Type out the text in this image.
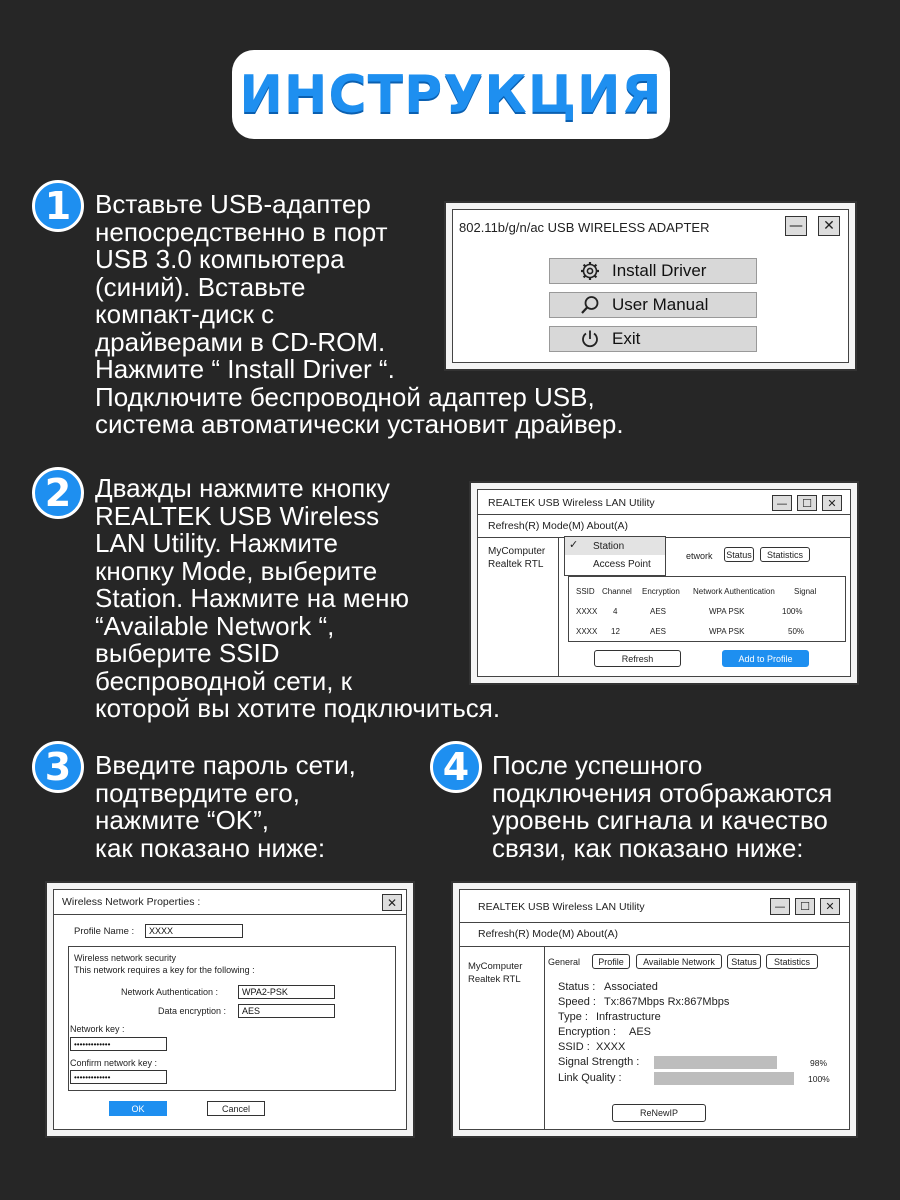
ИНСТРУКЦИЯ
1 Вставьте USB-адаптер
непосредственно в порт
USB 3.0 компьютера
(синий). Вставьте
компакт-диск с
драйверами в CD-ROM.
Нажмите “ Install Driver “.
Подключите беспроводной адаптер USB,
система автоматически установит драйвер.
802.11b/g/n/ac USB WIRELESS ADAPTER	— ✕
Install Driver
User Manual
Exit
2 Дважды нажмите кнопку
REALTEK USB Wireless
LAN Utility. Нажмите
кнопку Mode, выберите
Station. Нажмите на меню
“Available Network “,
выберите SSID
беспроводной сети, к
которой вы хотите подключиться.
REALTEK USB Wireless LAN Utility	— ☐ ✕
Refresh(R) Mode(M) About(A)
MyComputer
Realtek RTL
etwork Status	Statistics
SSID Channel Encryption Network Authentication Signal
XXXX 4	AES	WPA PSK	100%
XXXX 12	AES	WPA PSK	50%
Refresh	Add to Profile
✓ Station
Access Point
3 Введите пароль сети,
подтвердите его,
нажмите “OK”,
как показано ниже:
4 После успешного
подключения отображаются
уровень сигнала и качество
связи, как показано ниже:
Wireless Network Properties :	✕
Profile Name :	XXXX
Wireless network security
This network requires a key for the following :
Network Authentication :	WPA2-PSK
Data encryption :	AES
Network key :
•••••••••••••
Confirm network key :
•••••••••••••
OK	Cancel
REALTEK USB Wireless LAN Utility	— ☐ ✕
Refresh(R) Mode(M) About(A)
MyComputer
Realtek RTL
General	Profile	Available Network	Status	Statistics
Status : Associated
Speed : Tx:867Mbps Rx:867Mbps
Type : Infrastructure
Encryption : AES
SSID : XXXX
Signal Strength :	98%
Link Quality :	100%
ReNewIP
